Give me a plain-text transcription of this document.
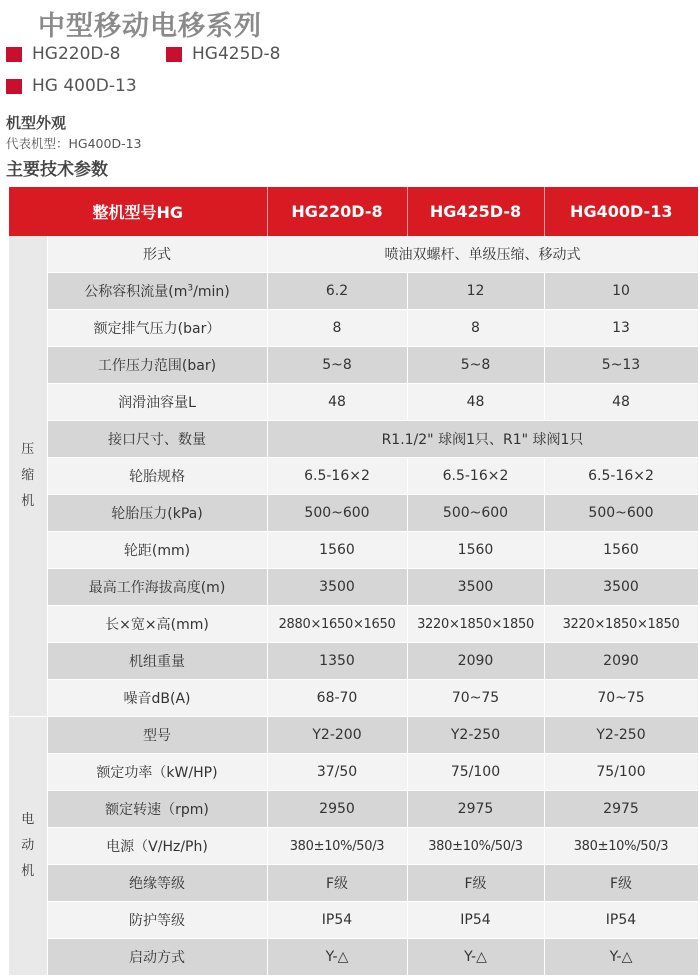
中型移动电移系列
HG220D-8	HG425D-8
HG 400D-13
机型外观
代表机型：HG400D-13
主要技术参数
整机型号HG		HG220D-8	HG425D-8	HG400D-13

压
缩
机	形式	喷油双螺杆、单级压缩、移动式		
	公称容积流量$(m^3/\min)$	6.2	12	10
	额定排气压力(bar）	8	8	13
	工作压力范围(bar)	5~8	5~8	5~13
	润滑油容量L	48	48	48
	接口尺寸、数量	R1.1/2" 球阀1只、R1" 球阀1只		
	轮胎规格	6.5-16×2	6.5-16×2	6.5-16×2
	轮胎压力(kPa)	500~600	500~600	500~600
	轮距(mm)	1560	1560	1560
	最高工作海拔高度(m)	3500	3500	3500
	长×宽×高(mm)	2880×1650×1650	3220×1850×1850	3220×1850×1850
	机组重量	1350	2090	2090
	噪音dB(A)	68-70	70~75	70~75

电
动
机	型号	Y2-200	Y2-250	Y2-250
	额定功率（kW/HP)	37/50	75/100	75/100
	额定转速（rpm)	2950	2975	2975
	电源（V/Hz/Ph)	380±10%/50/3	380±10%/50/3	380±10%/50/3
	绝缘等级	F级	F级	F级
	防护等级	IP54	IP54	IP54
	启动方式	Y-△	Y-△	Y-△
